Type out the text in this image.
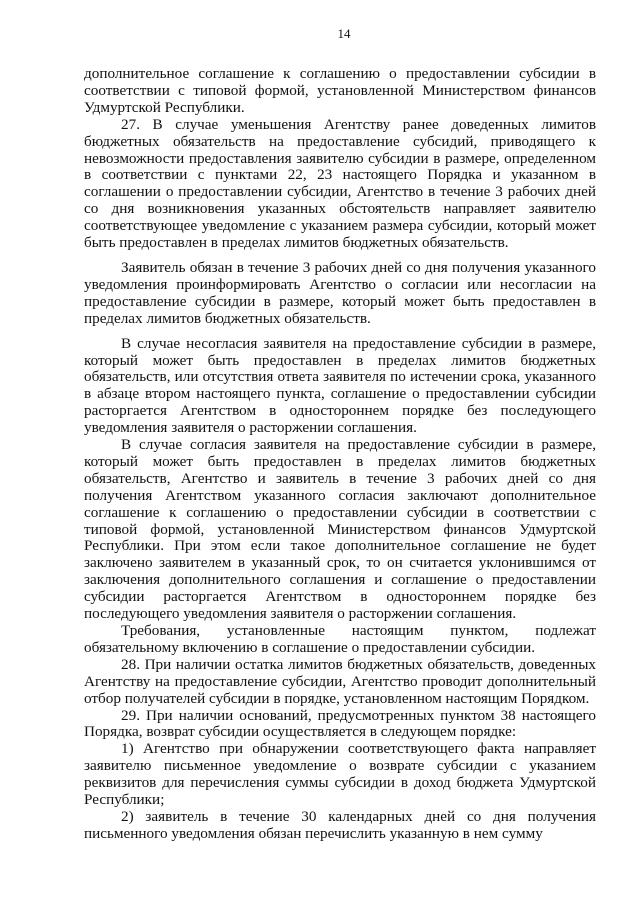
14

дополнительное соглашение к соглашению о предоставлении субсидии в соответствии с типовой формой, установленной Министерством финансов Удмуртской Республики.

27. В случае уменьшения Агентству ранее доведенных лимитов бюджетных обязательств на предоставление субсидий, приводящего к невозможности предоставления заявителю субсидии в размере, определенном в соответствии с пунктами 22, 23 настоящего Порядка и указанном в соглашении о предоставлении субсидии, Агентство в течение 3 рабочих дней со дня возникновения указанных обстоятельств направляет заявителю соответствующее уведомление с указанием размера субсидии, который может быть предоставлен в пределах лимитов бюджетных обязательств.

Заявитель обязан в течение 3 рабочих дней со дня получения указанного уведомления проинформировать Агентство о согласии или несогласии на предоставление субсидии в размере, который может быть предоставлен в пределах лимитов бюджетных обязательств.

В случае несогласия заявителя на предоставление субсидии в размере, который может быть предоставлен в пределах лимитов бюджетных обязательств, или отсутствия ответа заявителя по истечении срока, указанного в абзаце втором настоящего пункта, соглашение о предоставлении субсидии расторгается Агентством в одностороннем порядке без последующего уведомления заявителя о расторжении соглашения.

В случае согласия заявителя на предоставление субсидии в размере, который может быть предоставлен в пределах лимитов бюджетных обязательств, Агентство и заявитель в течение 3 рабочих дней со дня получения Агентством указанного согласия заключают дополнительное соглашение к соглашению о предоставлении субсидии в соответствии с типовой формой, установленной Министерством финансов Удмуртской Республики. При этом если такое дополнительное соглашение не будет заключено заявителем в указанный срок, то он считается уклонившимся от заключения дополнительного соглашения и соглашение о предоставлении субсидии расторгается Агентством в одностороннем порядке без последующего уведомления заявителя о расторжении соглашения.

Требования, установленные настоящим пунктом, подлежат обязательному включению в соглашение о предоставлении субсидии.

28. При наличии остатка лимитов бюджетных обязательств, доведенных Агентству на предоставление субсидии, Агентство проводит дополнительный отбор получателей субсидии в порядке, установленном настоящим Порядком.

29. При наличии оснований, предусмотренных пунктом 38 настоящего Порядка, возврат субсидии осуществляется в следующем порядке:

1) Агентство при обнаружении соответствующего факта направляет заявителю письменное уведомление о возврате субсидии с указанием реквизитов для перечисления суммы субсидии в доход бюджета Удмуртской Республики;

2) заявитель в течение 30 календарных дней со дня получения письменного уведомления обязан перечислить указанную в нем сумму
